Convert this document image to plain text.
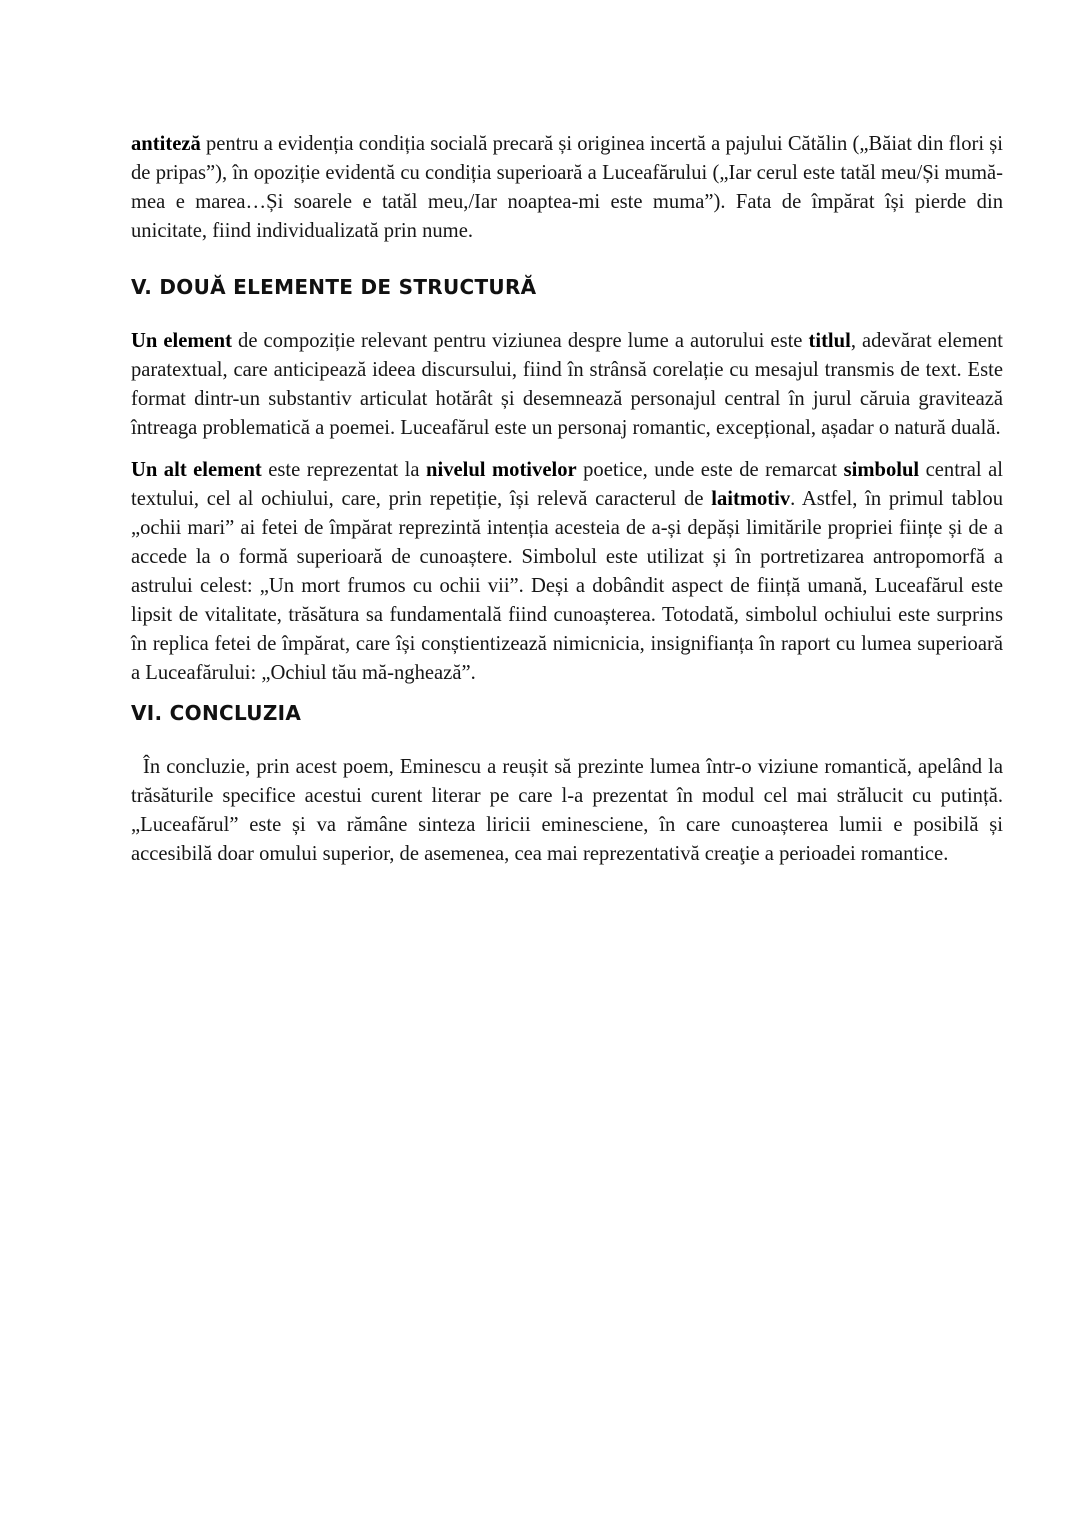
antiteză pentru a evidenția condiția socială precară și originea incertă a pajului Cătălin („Băiat din flori și de pripas”), în opoziție evidentă cu condiția superioară a Luceafărului („Iar cerul este tatăl meu/Și mumă-mea e marea…Și soarele e tatăl meu,/Iar noaptea-mi este muma”). Fata de împărat își pierde din unicitate, fiind individualizată prin nume.

V. DOUĂ ELEMENTE DE STRUCTURĂ

Un element de compoziție relevant pentru viziunea despre lume a autorului este titlul, adevărat element paratextual, care anticipează ideea discursului, fiind în strânsă corelație cu mesajul transmis de text. Este format dintr-un substantiv articulat hotărât și desemnează personajul central în jurul căruia gravitează întreaga problematică a poemei. Luceafărul este un personaj romantic, excepțional, așadar o natură duală.

Un alt element este reprezentat la nivelul motivelor poetice, unde este de remarcat simbolul central al textului, cel al ochiului, care, prin repetiție, își relevă caracterul de laitmotiv. Astfel, în primul tablou „ochii mari” ai fetei de împărat reprezintă intenția acesteia de a-și depăși limitările propriei ființe și de a accede la o formă superioară de cunoaștere. Simbolul este utilizat și în portretizarea antropomorfă a astrului celest: „Un mort frumos cu ochii vii”. Deși a dobândit aspect de ființă umană, Luceafărul este lipsit de vitalitate, trăsătura sa fundamentală fiind cunoașterea. Totodată, simbolul ochiului este surprins în replica fetei de împărat, care își conștientizează nimicnicia, insignifianța în raport cu lumea superioară a Luceafărului: „Ochiul tău mă-nghează”.

VI. CONCLUZIA

În concluzie, prin acest poem, Eminescu a reușit să prezinte lumea într-o viziune romantică, apelând la trăsăturile specifice acestui curent literar pe care l-a prezentat în modul cel mai strălucit cu putință. „Luceafărul” este și va rămâne sinteza liricii eminesciene, în care cunoașterea lumii e posibilă și accesibilă doar omului superior, de asemenea, cea mai reprezentativă creaţie a perioadei romantice.
